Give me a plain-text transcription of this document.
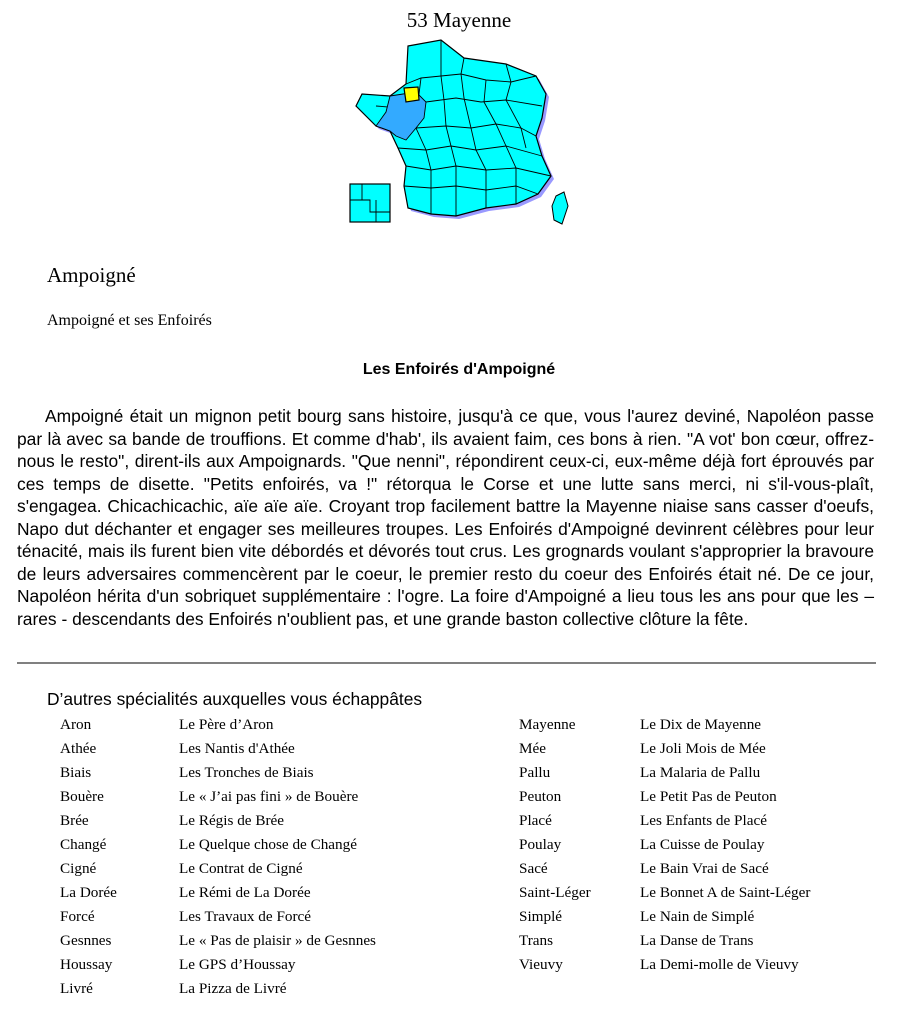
53 Mayenne
Ampoigné
Ampoigné et ses Enfoirés
Les Enfoirés d'Ampoigné
Ampoigné était un mignon petit bourg sans histoire, jusqu'à ce que, vous l'aurez deviné, Napoléon passe par là avec sa bande de trouffions. Et comme d'hab', ils avaient faim, ces bons à rien. "A vot' bon cœur, offrez-nous le resto", dirent-ils aux Ampoignards. "Que nenni", répondirent ceux-ci, eux-même déjà fort éprouvés par ces temps de disette. "Petits enfoirés, va !" rétorqua le Corse et une lutte sans merci, ni s'il-vous-plaît, s'engagea. Chicachicachic, aïe aïe aïe. Croyant trop facilement battre la Mayenne niaise sans casser d'oeufs, Napo dut déchanter et engager ses meilleures troupes. Les Enfoirés d'Ampoigné devinrent célèbres pour leur ténacité, mais ils furent bien vite débordés et dévorés tout crus. Les grognards voulant s'approprier la bravoure de leurs adversaires commencèrent par le coeur, le premier resto du coeur des Enfoirés était né. De ce jour, Napoléon hérita d'un sobriquet supplémentaire : l'ogre. La foire d'Ampoigné a lieu tous les ans pour que les – rares - descendants des Enfoirés n'oublient pas, et une grande baston collective clôture la fête.
D’autres spécialités auxquelles vous échappâtes
Aron	Le Père d’Aron
Athée	Les Nantis d'Athée
Biais	Les Tronches de Biais
Bouère	Le « J’ai pas fini » de Bouère
Brée	Le Régis de Brée
Changé	Le Quelque chose de Changé
Cigné	Le Contrat de Cigné
La Dorée	Le Rémi de La Dorée
Forcé	Les Travaux de Forcé
Gesnnes	Le « Pas de plaisir » de Gesnnes
Houssay	Le GPS d’Houssay
Livré	La Pizza de Livré
Mayenne	Le Dix de Mayenne
Mée	Le Joli Mois de Mée
Pallu	La Malaria de Pallu
Peuton	Le Petit Pas de Peuton
Placé	Les Enfants de Placé
Poulay	La Cuisse de Poulay
Sacé	Le Bain Vrai de Sacé
Saint-Léger	Le Bonnet A de Saint-Léger
Simplé	Le Nain de Simplé
Trans	La Danse de Trans
Vieuvy	La Demi-molle de Vieuvy
